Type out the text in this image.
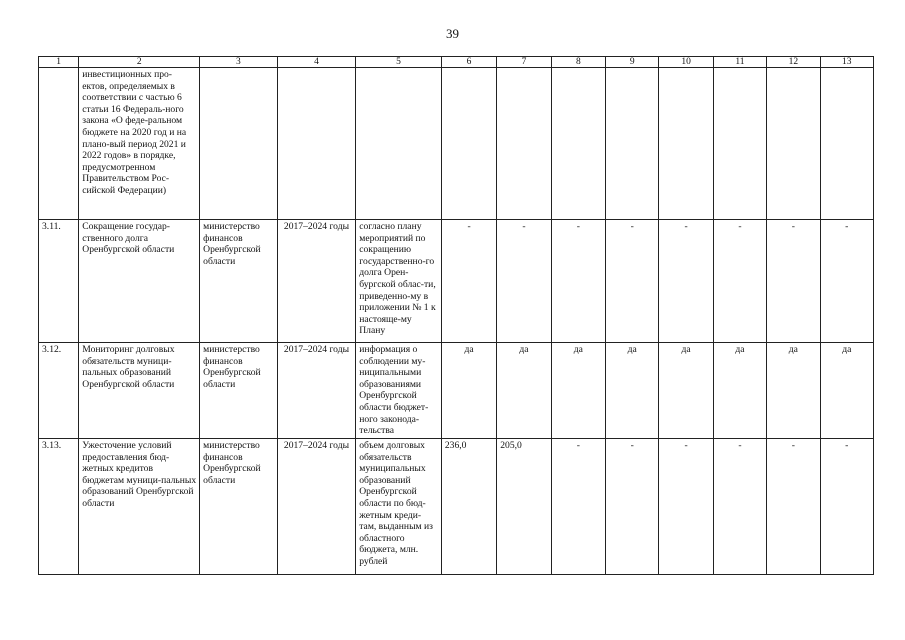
39
1	2	3	4	5	6	7	8	9	10	11	12	13
	инвестиционных про-ектов, определяемых в соответствии с частью 6 статьи 16 Федераль-ного закона «О феде-ральном бюджете на 2020 год и на плано-вый период 2021 и 2022 годов» в порядке, предусмотренном Правительством Рос-сийской Федерации)											
3.11.	Сокращение государ-ственного долга Оренбургской области	министерство финансов Оренбургской области	2017–2024 годы	согласно плану мероприятий по сокращению государственно-го долга Орен-бургской облас-ти, приведенно-му в приложении № 1 к настояще-му Плану	-	-	-	-	-	-	-	-
3.12.	Мониторинг долговых обязательств муници-пальных образований Оренбургской области	министерство финансов Оренбургской области	2017–2024 годы	информация о соблюдении му-ниципальными образованиями Оренбургской области бюджет-ного законода-тельства	да	да	да	да	да	да	да	да
3.13.	Ужесточение условий предоставления бюд-жетных кредитов бюджетам муници-пальных образований Оренбургской области	министерство финансов Оренбургской области	2017–2024 годы	объем долговых обязательств муниципальных образований Оренбургской области по бюд-жетным креди-там, выданным из областного бюджета, млн. рублей	236,0	205,0	-	-	-	-	-	-
